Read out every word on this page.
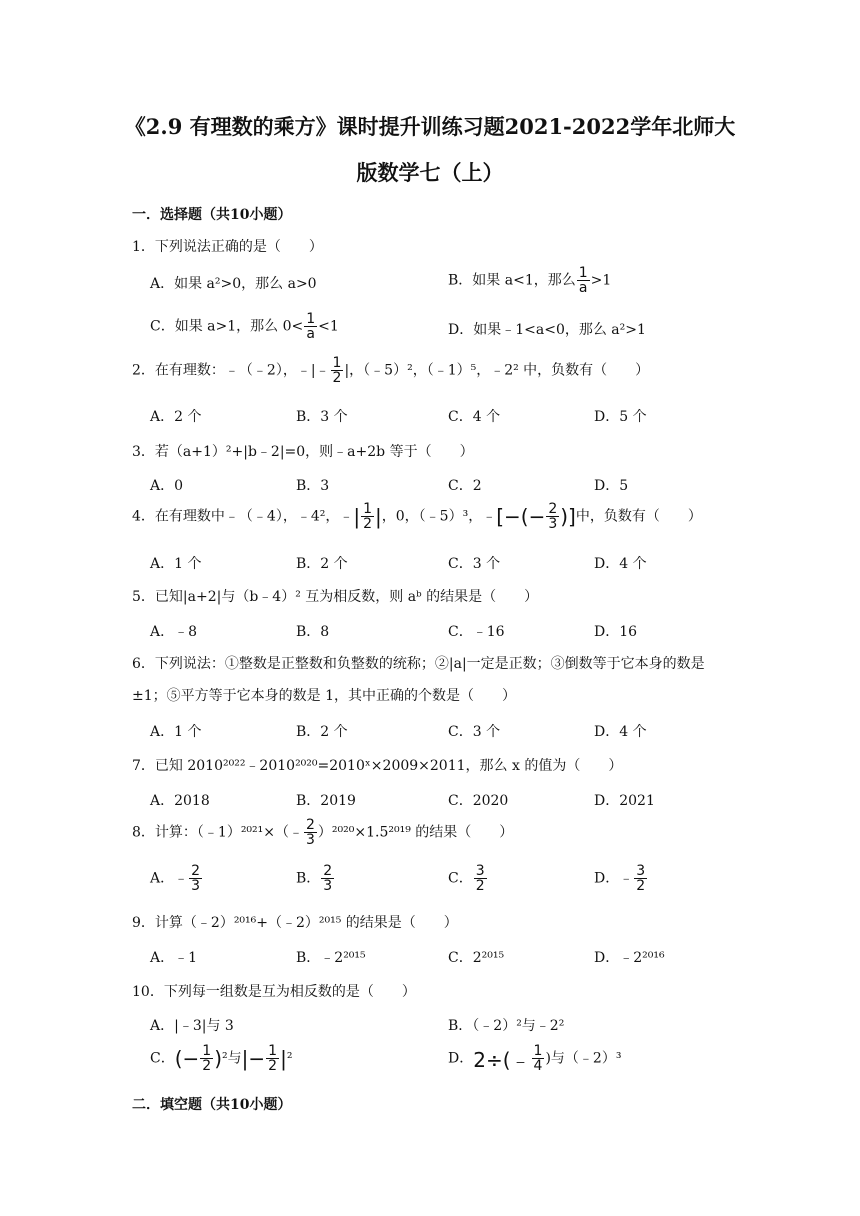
《2.9 有理数的乘方》课时提升训练习题2021-2022学年北师大
版数学七（上）
一．选择题（共10小题）
1．下列说法正确的是（　　）
A．如果 a²>0，那么 a>0	B．如果 a<1，那么 $\frac{1}{a} >1$
C．如果 a>1，那么 $0< \frac{1}{a} <1$	D．如果﹣1<a<0，那么 a²>1
2．在有理数：﹣（﹣2），﹣|﹣ $\frac{1}{2}$ |，（﹣5）²，（﹣1）⁵，﹣2² 中，负数有（　　）
A．2 个	B．3 个	C．4 个	D．5 个
3．若（a+1）²+|b﹣2|=0，则﹣a+2b 等于（　　）
A．0	B．3	C．2	D．5
4．在有理数中﹣（﹣4），﹣4²，﹣| $\frac{1}{2}$ |，0，（﹣5）³，﹣[−(− $\frac{2}{3}$ )]中，负数有（　　）
A．1 个	B．2 个	C．3 个	D．4 个
5．已知|a+2|与（b﹣4）² 互为相反数，则 aᵇ 的结果是（　　）
A．﹣8	B．8	C．﹣16	D．16
6．下列说法：①整数是正整数和负整数的统称；②|a|一定是正数；③倒数等于它本身的数是±1；⑤平方等于它本身的数是 1，其中正确的个数是（　　）
A．1 个	B．2 个	C．3 个	D．4 个
7．已知 2010²⁰²²﹣2010²⁰²⁰=2010ˣ×2009×2011，那么 x 的值为（　　）
A．2018	B．2019	C．2020	D．2021
8．计算：（﹣1）²⁰²¹×（﹣ $\frac{2}{3} )^{2020}\times 1.5^{2019}$ 的结果（　　）
A．﹣ $\frac{2}{3}$	B． $\frac{2}{3}$	C． $\frac{3}{2}$	D．﹣ $\frac{3}{2}$
9．计算（﹣2）²⁰¹⁶+（﹣2）²⁰¹⁵ 的结果是（　　）
A．﹣1	B．﹣2²⁰¹⁵	C．2²⁰¹⁵	D．﹣2²⁰¹⁶
10．下列每一组数是互为相反数的是（　　）
A．|﹣3|与 3	B．（﹣2）²与﹣2²
C．(− $\frac{1}{2} )^2$与|− $\frac{1}{2} |^2$	D．2÷(﹣ $\frac{1}{4}$ )与（﹣2）³
二．填空题（共10小题）
